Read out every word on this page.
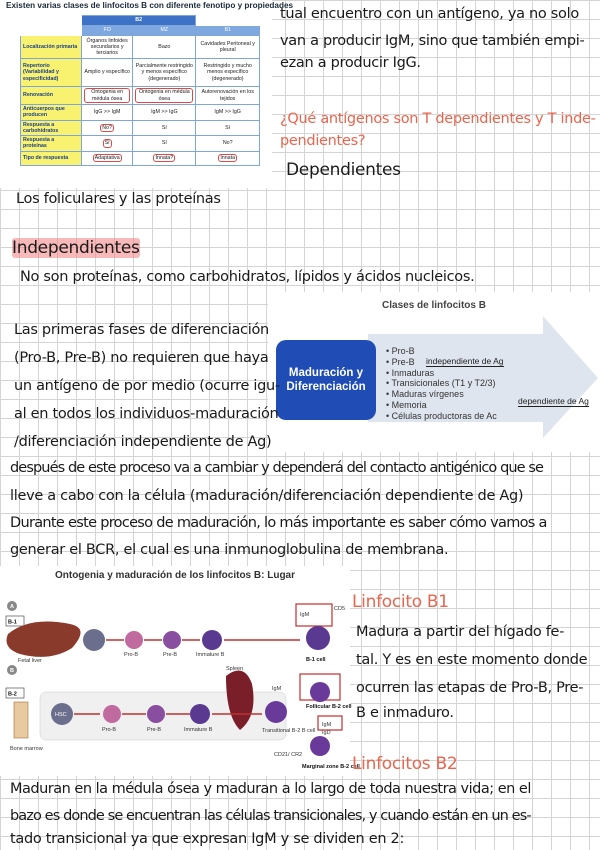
Existen varias clases de linfocitos B con diferente fenotipo y propiedades
	B2		
	FO	MZ	B1
Localización primaria	Órganos linfoides secundarios y terciarios	Bazo	Cavidades Peritoneal y pleural
Repertorio (Variabilidad y especificidad)	Amplio y específico	Parcialmente restringido y menos específico (degenerado)	Restringido y mucho menos específico (degenerado)
Renovación	Ontogenia en médula ósea	Ontogenia en médula ósea	Autorenovación en los tejidos
Anticuerpos que producen	IgG >> IgM	IgM >> IgG	IgM >> IgG
Respuesta a carbohidratos	No?	Sí	Sí
Respuesta a proteínas	Sí	Sí	No?
Tipo de respuesta	Adaptativa	Innata?	Innata
tual encuentro con un antígeno, ya no solo
van a producir IgM, sino que también empi-
ezan a producir IgG.
¿Qué antígenos son T dependientes y T inde-
pendientes?
Dependientes
Los foliculares y las proteínas
Independientes
No son proteínas, como carbohidratos, lípidos y ácidos nucleicos.
Clases de linfocitos B
Maduración y Diferenciación
• Pro-B
• Pre-B
• Inmaduras
• Transicionales (T1 y T2/3)
• Maduras vírgenes
• Memoria
• Células productoras de Ac
independiente de Ag
dependiente de Ag
Las primeras fases de diferenciación
(Pro-B, Pre-B) no requieren que haya
un antígeno de por medio (ocurre igu-
al en todos los individuos-maduración
/diferenciación independiente de Ag)
después de este proceso va a cambiar y dependerá del contacto antigénico que se
lleve a cabo con la célula (maduración/diferenciación dependiente de Ag)
Durante este proceso de maduración, lo más importante es saber cómo vamos a
generar el BCR, el cual es una inmunoglobulina de membrana.
Ontogenia y maduración de los linfocitos B: Lugar
A
B-1
Fetal liver
Pro-B	Pre-B	Immature B
IgM
CD5
B-1 cell
B
B-2
Bone marrow
HSC
Pro-B	Pre-B	Immature B
Spleen
Transitional B-2 B cell
IgM
Follicular B-2 cell
IgM
IgD
CD21/ CR2
Marginal zone B-2 cell
Linfocito B1
Madura a partir del hígado fe-
tal. Y es en este momento donde
ocurren las etapas de Pro-B, Pre-
B e inmaduro.
Linfocitos B2
Maduran en la médula ósea y maduran a lo largo de toda nuestra vida; en el
bazo es donde se encuentran las células transicionales, y cuando están en un es-
tado transicional ya que expresan IgM y se dividen en 2:
